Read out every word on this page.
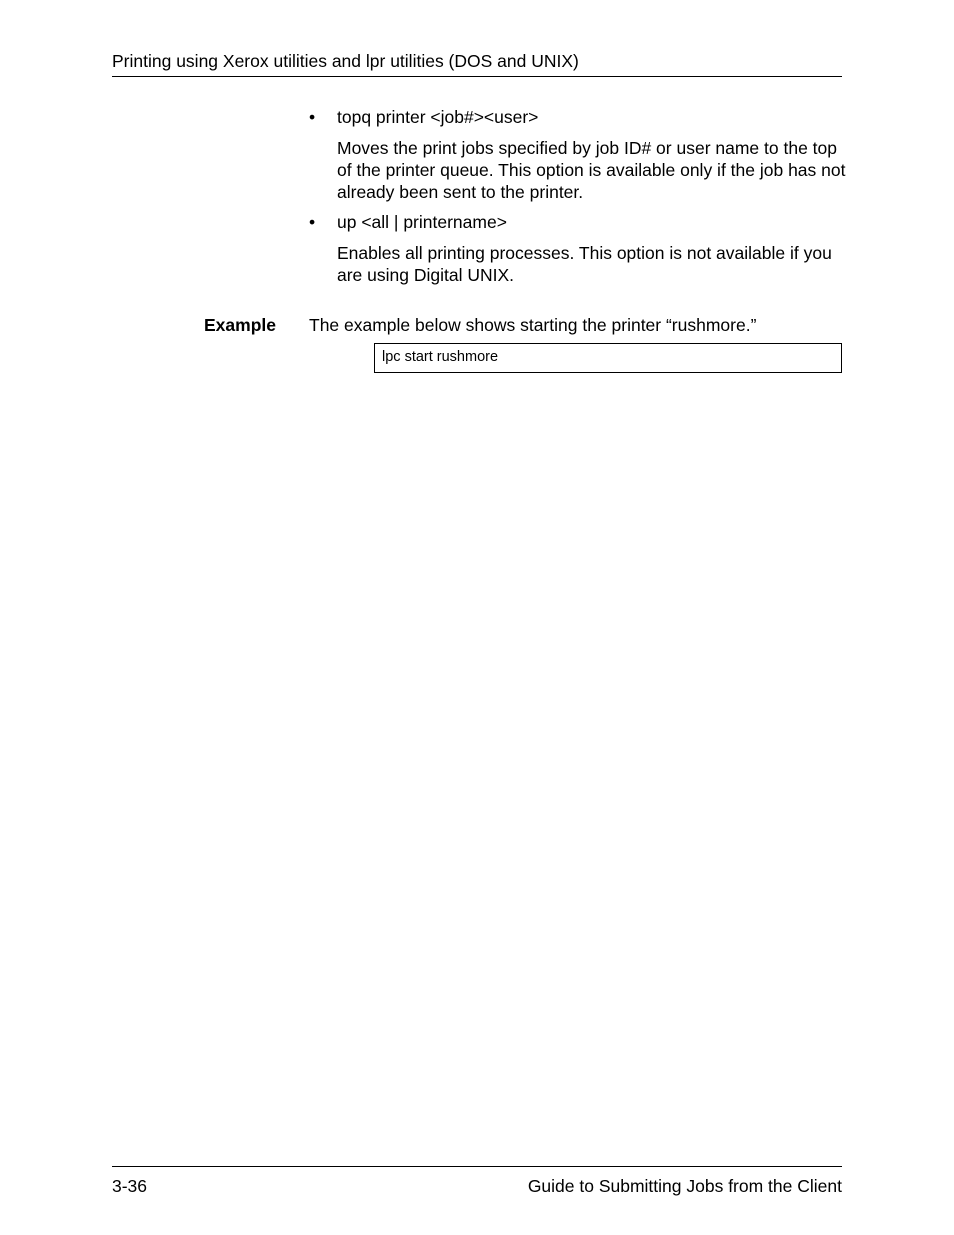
Printing using Xerox utilities and lpr utilities (DOS and UNIX)
• topq printer <job#><user>
Moves the print jobs specified by job ID# or user name to the top of the printer queue. This option is available only if the job has not already been sent to the printer.
• up <all | printername>
Enables all printing processes. This option is not available if you are using Digital UNIX.
Example The example below shows starting the printer “rushmore.”
lpc start rushmore
3-36	Guide to Submitting Jobs from the Client
